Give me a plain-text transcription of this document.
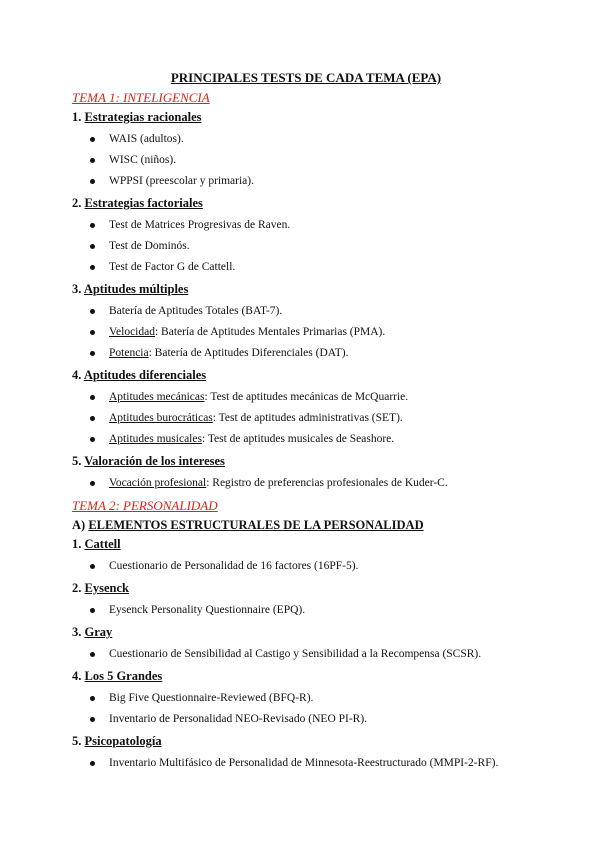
PRINCIPALES TESTS DE CADA TEMA (EPA)
TEMA 1: INTELIGENCIA
1. Estrategias racionales
WAIS (adultos).
WISC (niños).
WPPSI (preescolar y primaria).
2. Estrategias factoriales
Test de Matrices Progresivas de Raven.
Test de Dominós.
Test de Factor G de Cattell.
3. Aptitudes múltiples
Batería de Aptitudes Totales (BAT-7).
Velocidad: Batería de Aptitudes Mentales Primarias (PMA).
Potencia: Batería de Aptitudes Diferenciales (DAT).
4. Aptitudes diferenciales
Aptitudes mecánicas: Test de aptitudes mecánicas de McQuarrie.
Aptitudes burocráticas: Test de aptitudes administrativas (SET).
Aptitudes musicales: Test de aptitudes musicales de Seashore.
5. Valoración de los intereses
Vocación profesional: Registro de preferencias profesionales de Kuder-C.
TEMA 2: PERSONALIDAD
A) ELEMENTOS ESTRUCTURALES DE LA PERSONALIDAD
1. Cattell
Cuestionario de Personalidad de 16 factores (16PF-5).
2. Eysenck
Eysenck Personality Questionnaire (EPQ).
3. Gray
Cuestionario de Sensibilidad al Castigo y Sensibilidad a la Recompensa (SCSR).
4. Los 5 Grandes
Big Five Questionnaire-Reviewed (BFQ-R).
Inventario de Personalidad NEO-Revisado (NEO PI-R).
5. Psicopatología
Inventario Multifásico de Personalidad de Minnesota-Reestructurado (MMPI-2-RF).
